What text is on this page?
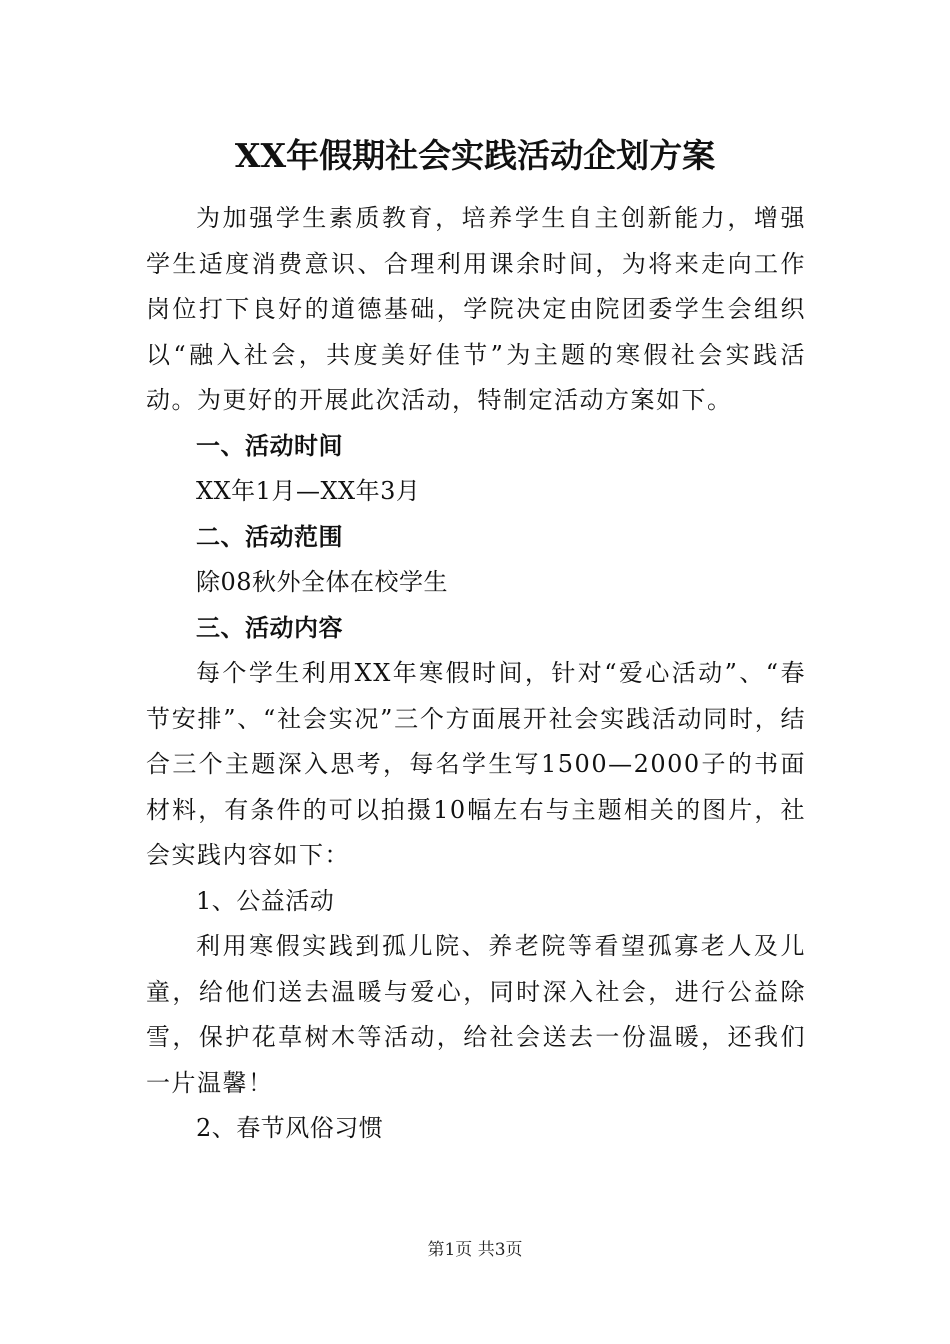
XX年假期社会实践活动企划方案

为加强学生素质教育，培养学生自主创新能力，增强学生适度消费意识、合理利用课余时间，为将来走向工作岗位打下良好的道德基础，学院决定由院团委学生会组织以“融入社会，共度美好佳节”为主题的寒假社会实践活动。为更好的开展此次活动，特制定活动方案如下。

一、活动时间

XX年1月—XX年3月

二、活动范围

除08秋外全体在校学生

三、活动内容

每个学生利用XX年寒假时间，针对“爱心活动”、“春节安排”、“社会实况”三个方面展开社会实践活动同时，结合三个主题深入思考，每名学生写1500—2000子的书面材料，有条件的可以拍摄10幅左右与主题相关的图片，社会实践内容如下：

1、公益活动

利用寒假实践到孤儿院、养老院等看望孤寡老人及儿童，给他们送去温暖与爱心，同时深入社会，进行公益除雪，保护花草树木等活动，给社会送去一份温暖，还我们一片温馨！

2、春节风俗习惯

第1页 共3页
